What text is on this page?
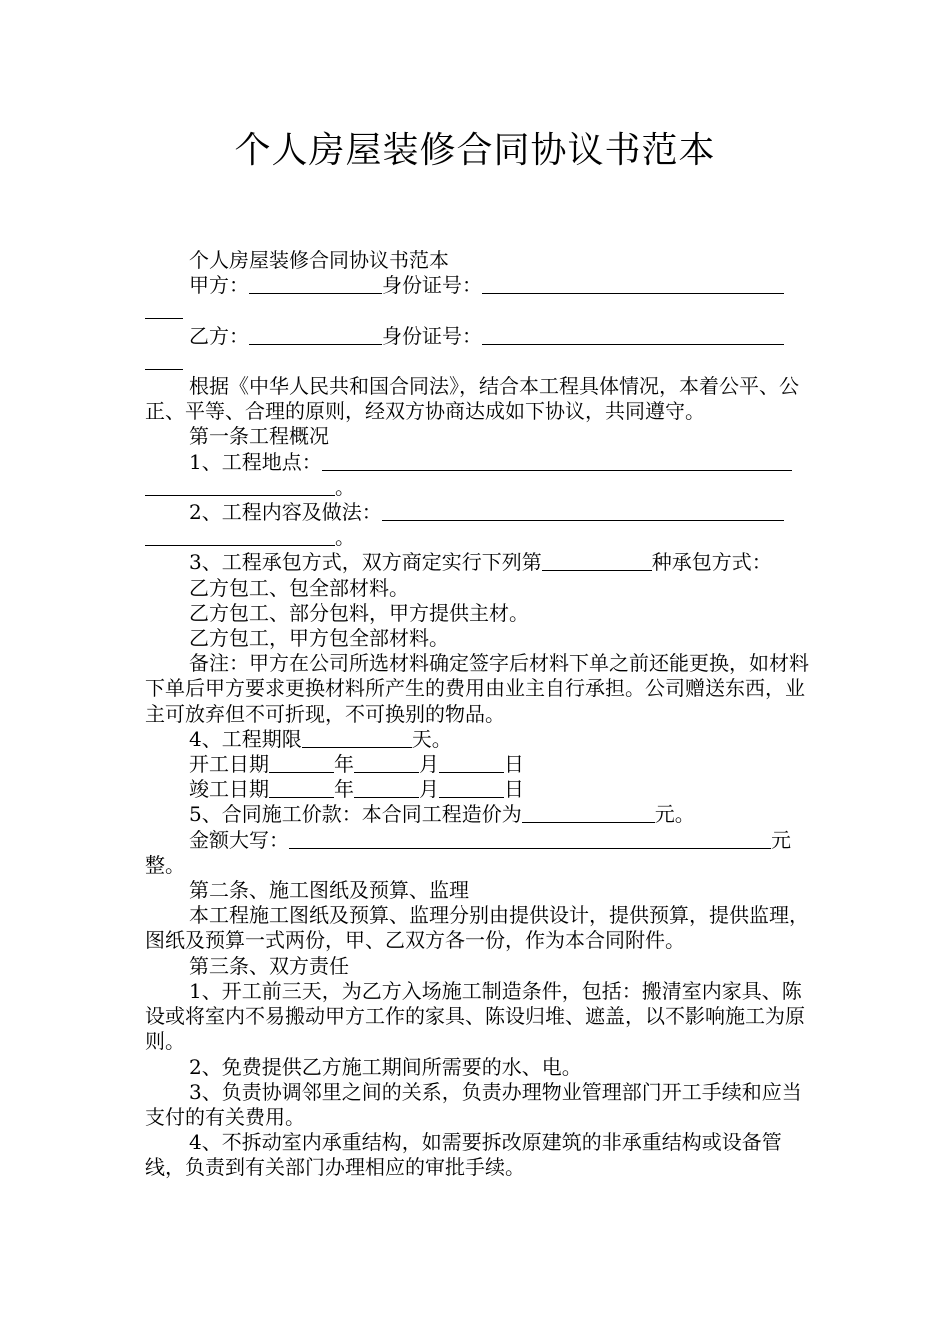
个人房屋装修合同协议书范本

个人房屋装修合同协议书范本

甲方：	身份证号：

乙方：	身份证号：

根据《中华人民共和国合同法》，结合本工程具体情况，本着公平、公正、平等、合理的原则，经双方协商达成如下协议，共同遵守。

第一条工程概况

1、工程地点：

。

2、工程内容及做法：

。

3、工程承包方式，双方商定实行下列第	种承包方式：

乙方包工、包全部材料。

乙方包工、部分包料，甲方提供主材。

乙方包工，甲方包全部材料。

备注：甲方在公司所选材料确定签字后材料下单之前还能更换，如材料下单后甲方要求更换材料所产生的费用由业主自行承担。公司赠送东西，业主可放弃但不可折现，不可换别的物品。

4、工程期限	天。

开工日期	年	月	日

竣工日期	年	月	日

5、合同施工价款：本合同工程造价为	元。

金额大写：	元

整。

第二条、施工图纸及预算、监理

本工程施工图纸及预算、监理分别由提供设计，提供预算，提供监理，图纸及预算一式两份，甲、乙双方各一份，作为本合同附件。

第三条、双方责任

1、开工前三天，为乙方入场施工制造条件，包括：搬清室内家具、陈设或将室内不易搬动甲方工作的家具、陈设归堆、遮盖，以不影响施工为原则。

2、免费提供乙方施工期间所需要的水、电。

3、负责协调邻里之间的关系，负责办理物业管理部门开工手续和应当支付的有关费用。

4、不拆动室内承重结构，如需要拆改原建筑的非承重结构或设备管线，负责到有关部门办理相应的审批手续。
